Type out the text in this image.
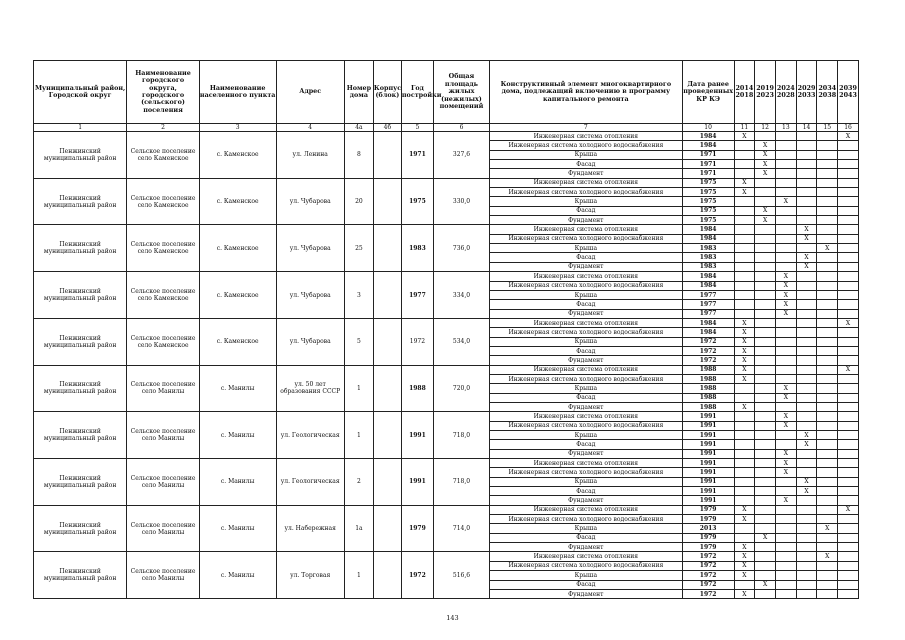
Муниципальный район, Городской округ	Наименование городского округа, городского (сельского) поселения	Наименование населенного пункта	Адрес	Номер дома	Корпус (блок)	Год постройки	Общая площадь жилых (нежилых) помещений	Конструктивный элемент многоквартирного дома, подлежащий включению в программу капитального ремонта	Дата ранее проведенных КР КЭ	2014 2018	2019 2023	2024 2028	2029 2033	2034 2038	2039 2043
1	2	3	4	4а	4б	5	6	7	10	11	12	13	14	15	16
Пенжинский муниципальный район	Сельское поселение село Каменское	с. Каменское	ул. Ленина	8		1971	327,6	Инженерная система отопления	1984	X					X
								Инженерная система холодного водоснабжения	1984		X				
								Крыша	1971		X				
								Фасад	1971		X				
								Фундамент	1971		X				
Пенжинский муниципальный район	Сельское поселение село Каменское	с. Каменское	ул. Чубарова	20		1975	330,0	Инженерная система отопления	1975	X					
								Инженерная система холодного водоснабжения	1975	X					
								Крыша	1975			X			
								Фасад	1975		X				
								Фундамент	1975		X				
Пенжинский муниципальный район	Сельское поселение село Каменское	с. Каменское	ул. Чубарова	25		1983	736,0	Инженерная система отопления	1984				X		
								Инженерная система холодного водоснабжения	1984				X		
								Крыша	1983					X	
								Фасад	1983				X		
								Фундамент	1983				X		
Пенжинский муниципальный район	Сельское поселение село Каменское	с. Каменское	ул. Чубарова	3		1977	334,0	Инженерная система отопления	1984			X			
								Инженерная система холодного водоснабжения	1984			X			
								Крыша	1977			X			
								Фасад	1977			X			
								Фундамент	1977			X			
Пенжинский муниципальный район	Сельское поселение село Каменское	с. Каменское	ул. Чубарова	5		1972	534,0	Инженерная система отопления	1984	X					X
								Инженерная система холодного водоснабжения	1984	X					
								Крыша	1972	X					
								Фасад	1972	X					
								Фундамент	1972	X					
Пенжинский муниципальный район	Сельское поселение село Манилы	с. Манилы	ул. 50 лет образования СССР	1		1988	720,0	Инженерная система отопления	1988	X					X
								Инженерная система холодного водоснабжения	1988	X					
								Крыша	1988			X			
								Фасад	1988			X			
								Фундамент	1988	X					
Пенжинский муниципальный район	Сельское поселение село Манилы	с. Манилы	ул. Геологическая	1		1991	718,0	Инженерная система отопления	1991			X			
								Инженерная система холодного водоснабжения	1991			X			
								Крыша	1991				X		
								Фасад	1991				X		
								Фундамент	1991			X			
Пенжинский муниципальный район	Сельское поселение село Манилы	с. Манилы	ул. Геологическая	2		1991	718,0	Инженерная система отопления	1991			X			
								Инженерная система холодного водоснабжения	1991			X			
								Крыша	1991				X		
								Фасад	1991				X		
								Фундамент	1991			X			
Пенжинский муниципальный район	Сельское поселение село Манилы	с. Манилы	ул. Набережная	1а		1979	714,0	Инженерная система отопления	1979	X					X
								Инженерная система холодного водоснабжения	1979	X					
								Крыша	2013					X	
								Фасад	1979		X				
								Фундамент	1979	X					
Пенжинский муниципальный район	Сельское поселение село Манилы	с. Манилы	ул. Торговая	1		1972	516,6	Инженерная система отопления	1972	X				X	
								Инженерная система холодного водоснабжения	1972	X					
								Крыша	1972	X					
								Фасад	1972		X				
								Фундамент	1972	X					
143
